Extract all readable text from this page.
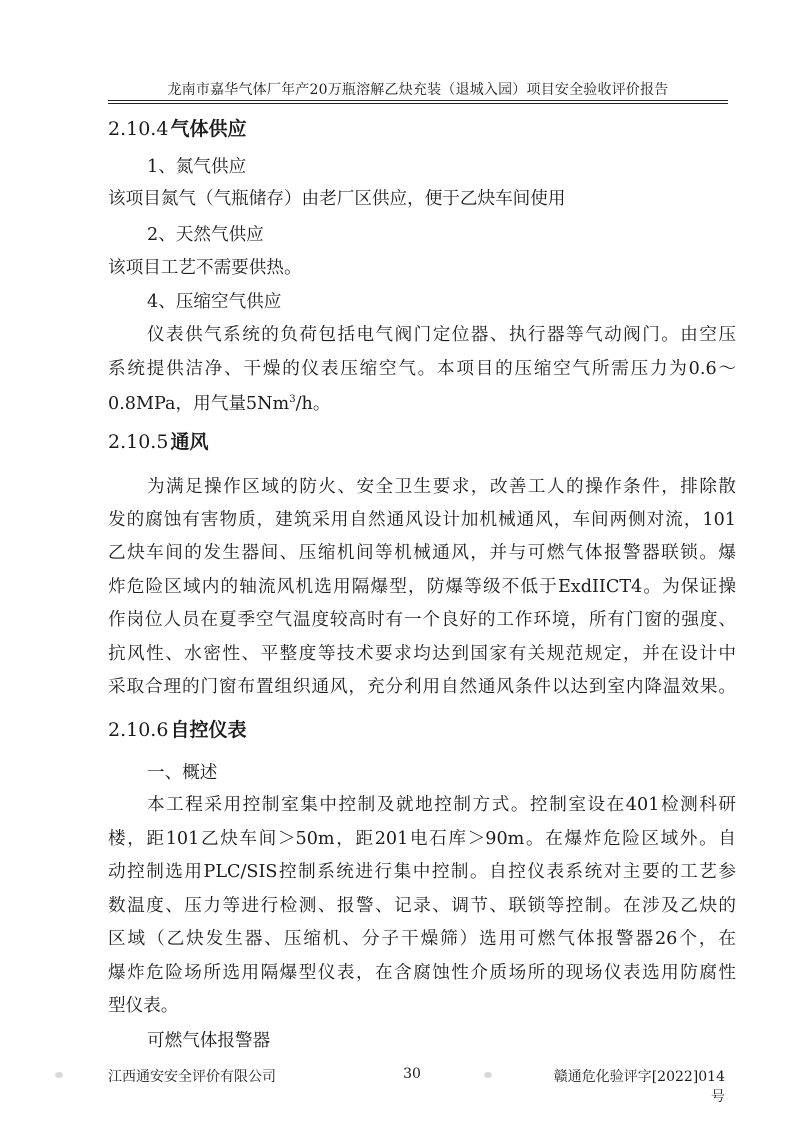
龙南市嘉华气体厂年产20万瓶溶解乙炔充装（退城入园）项目安全验收评价报告
2.10.4 气体供应
1、氮气供应
该项目氮气（气瓶储存）由老厂区供应，便于乙炔车间使用
2、天然气供应
该项目工艺不需要供热。
4、压缩空气供应
仪表供气系统的负荷包括电气阀门定位器、执行器等气动阀门。由空压
系统提供洁净、干燥的仪表压缩空气。本项目的压缩空气所需压力为0.6～
0.8MPa，用气量5Nm$^3$/h。
2.10.5 通风
为满足操作区域的防火、安全卫生要求，改善工人的操作条件，排除散
发的腐蚀有害物质，建筑采用自然通风设计加机械通风，车间两侧对流，101
乙炔车间的发生器间、压缩机间等机械通风，并与可燃气体报警器联锁。爆
炸危险区域内的轴流风机选用隔爆型，防爆等级不低于ExdIICT4。为保证操
作岗位人员在夏季空气温度较高时有一个良好的工作环境，所有门窗的强度、
抗风性、水密性、平整度等技术要求均达到国家有关规范规定，并在设计中
采取合理的门窗布置组织通风，充分利用自然通风条件以达到室内降温效果。
2.10.6 自控仪表
一、概述
本工程采用控制室集中控制及就地控制方式。控制室设在401检测科研
楼，距101乙炔车间＞50m，距201电石库＞90m。在爆炸危险区域外。自
动控制选用PLC/SIS控制系统进行集中控制。自控仪表系统对主要的工艺参
数温度、压力等进行检测、报警、记录、调节、联锁等控制。在涉及乙炔的
区域（乙炔发生器、压缩机、分子干燥筛）选用可燃气体报警器26个，在
爆炸危险场所选用隔爆型仪表，在含腐蚀性介质场所的现场仪表选用防腐性
型仪表。
可燃气体报警器
江西通安安全评价有限公司	30	赣通危化验评字[2022]014号
